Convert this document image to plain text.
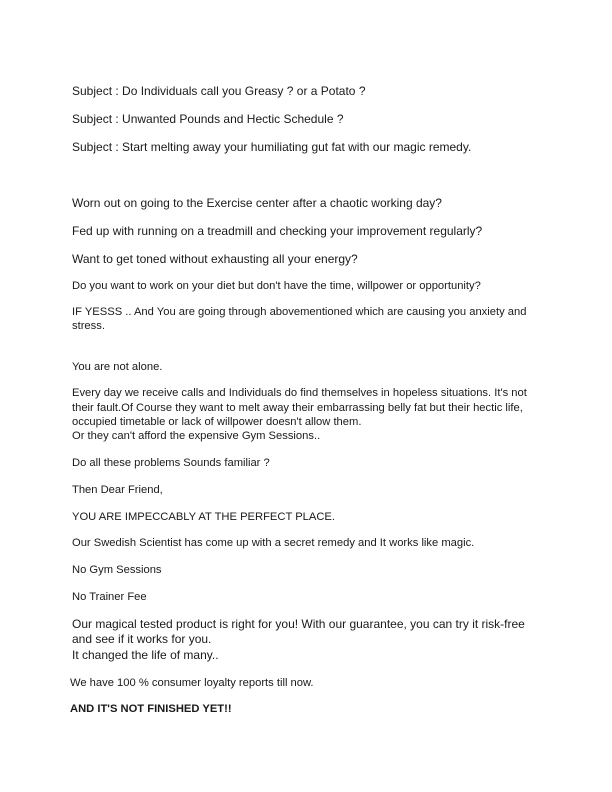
Subject : Do Individuals call you Greasy ? or a Potato ?

Subject : Unwanted Pounds and Hectic Schedule ?

Subject : Start melting away your humiliating gut fat with our magic remedy.

Worn out on going to the Exercise center after a chaotic working day?

Fed up with running on a treadmill and checking your improvement regularly?

Want to get toned without exhausting all your energy?

Do you want to work on your diet but don't have the time, willpower or opportunity?

IF YESSS .. And You are going through abovementioned which are causing you anxiety and

stress.

You are not alone.

Every day we receive calls and Individuals do find themselves in hopeless situations. It's not

their fault.Of Course they want to melt away their embarrassing belly fat but their hectic life,

occupied timetable or lack of willpower doesn't allow them.

Or they can't afford the expensive Gym Sessions..

Do all these problems Sounds familiar ?

Then Dear Friend,

YOU ARE IMPECCABLY AT THE PERFECT PLACE.

Our Swedish Scientist has come up with a secret remedy and It works like magic.

No Gym Sessions

No Trainer Fee

Our magical tested product is right for you! With our guarantee, you can try it risk-free

and see if it works for you.

It changed the life of many..

We have 100 % consumer loyalty reports till now.

AND IT'S NOT FINISHED YET!!
